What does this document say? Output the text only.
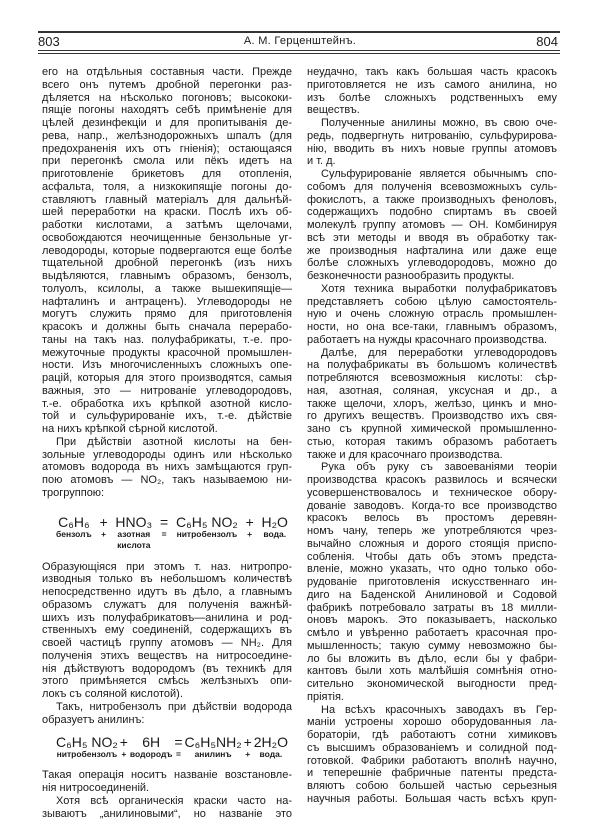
803	А. М. Герценштейнъ.	804
его на отдѣльныя составныя части. Прежде
всего онъ путемъ дробной перегонки раз-
дѣляется на нѣсколько погоновъ; высококи-
пящіе погоны находятъ себѣ примѣненіе для
цѣлей дезинфекціи и для пропитыванія де-
рева, напр., желѣзнодорожныхъ шпалъ (для
предохраненія ихъ отъ гніенія); остающаяся
при перегонкѣ смола или пёкъ идетъ на
приготовленіе брикетовъ для отопленія,
асфальта, толя, а низкокипящіе погоны до-
ставляютъ главный матеріалъ для дальнѣй-
шей переработки на краски. Послѣ ихъ об-
работки кислотами, а затѣмъ щелочами,
освобождаются неочищенные бензольные уг-
леводороды, которые подвергаются еще болѣе
тщательной дробной перегонкѣ (изъ нихъ
выдѣляются, главнымъ образомъ, бензолъ,
толуолъ, ксилолы, а также вышекипящіе—
нафталинъ и антраценъ). Углеводороды не
могутъ служить прямо для приготовленія
красокъ и должны быть сначала перерабо-
таны на такъ наз. полуфабрикаты, т.-е. про-
межуточные продукты красочной промышлен-
ности. Изъ многочисленныхъ сложныхъ опе-
рацій, которыя для этого производятся, самыя
важныя, это — нитрованіе углеводородовъ,
т.-е. обработка ихъ крѣпкой азотной кисло-
той и сульфурированіе ихъ, т.-е. дѣйствіе
на нихъ крѣпкой сѣрной кислотой.
При дѣйствіи азотной кислоты на бен-
зольные углеводороды одинъ или нѣсколько
атомовъ водорода въ нихъ замѣщаются груп-
пою атомовъ — NO₂, такъ называемою ни-
трогруппою:
C₆H₆ + HNO₃ = C₆H₅ NO₂ + H₂O
бензолъ + азотная = нитробензолъ + вода.
кислота
Образующіяся при этомъ т. наз. нитропро-
изводныя только въ небольшомъ количествѣ
непосредственно идутъ въ дѣло, а главнымъ
образомъ служатъ для полученія важнѣй-
шихъ изъ полуфабрикатовъ—анилина и род-
ственныхъ ему соединеній, содержащихъ въ
своей частицѣ группу атомовъ — NH₂. Для
полученія этихъ веществъ на нитросоедине-
нія дѣйствуютъ водородомъ (въ техникѣ для
этого примѣняется смѣсь желѣзныхъ опи-
локъ съ соляной кислотой).
Такъ, нитробензолъ при дѣйствіи водорода
образуетъ анилинъ:
C₆H₅ NO₂ +	6H	= C₆H₅NH₂ + 2H₂O
нитробензолъ + водородъ =	анилинъ	+	вода.
Такая операція носитъ названіе возстановле-
нія нитросоединеній.
Хотя всѣ органическія краски часто на-
зываютъ „анилиновыми“, но названіе это
неудачно, такъ какъ большая часть красокъ
приготовляется не изъ самого анилина, но
изъ болѣе сложныхъ родственныхъ ему
веществъ.
Полученные анилины можно, въ свою оче-
редь, подвергнуть нитрованію, сульфурирова-
нію, вводить въ нихъ новые группы атомовъ
и т. д.
Сульфурированіе является обычнымъ спо-
собомъ для полученія всевозможныхъ суль-
фокислотъ, а также производныхъ феноловъ,
содержащихъ подобно спиртамъ въ своей
молекулѣ группу атомовъ — OH. Комбинируя
всѣ эти методы и вводя въ обработку так-
же производныя нафталина или даже еще
болѣе сложныхъ углеводородовъ, можно до
безконечности разнообразить продукты.
Хотя техника выработки полуфабрикатовъ
представляетъ собою цѣлую самостоятель-
ную и очень сложную отрасль промышлен-
ности, но она все-таки, главнымъ образомъ,
работаетъ на нужды красочнаго производства.
Далѣе, для переработки углеводородовъ
на полуфабрикаты въ большомъ количествѣ
потребляются всевозможныя кислоты: сѣр-
ная, азотная, соляная, уксусная и др., а
также щелочи, хлоръ, желѣзо, цинкъ и мно-
го другихъ веществъ. Производство ихъ свя-
зано съ крупной химической промышленно-
стью, которая такимъ образомъ работаетъ
также и для красочнаго производства.
Рука объ руку съ завоеваніями теоріи
производства красокъ развилось и всячески
усовершенствовалось и техническое обору-
дованіе заводовъ. Когда-то все производство
красокъ велось въ простомъ деревян-
номъ чану, теперь же употребляются чрез-
вычайно сложныя и дорого стоящія приспо-
собленія. Чтобы дать объ этомъ предста-
вленіе, можно указать, что одно только обо-
рудованіе приготовленія искусственнаго ин-
диго на Баденской Анилиновой и Содовой
фабрикѣ потребовало затраты въ 18 милли-
оновъ марокъ. Это показываетъ, насколько
смѣло и увѣренно работаетъ красочная про-
мышленность; такую сумму невозможно бы-
ло бы вложить въ дѣло, если бы у фабри-
кантовъ были хоть малѣйшія сомнѣнія отно-
сительно экономической выгодности пред-
пріятія.
На всѣхъ красочныхъ заводахъ въ Гер-
маніи устроены хорошо оборудованныя ла-
бораторіи, гдѣ работаютъ сотни химиковъ
съ высшимъ образованіемъ и солидной под-
готовкой. Фабрики работаютъ вполнѣ научно,
и теперешніе фабричные патенты предста-
вляютъ собою большей частью серьезныя
научныя работы. Большая часть всѣхъ круп-
